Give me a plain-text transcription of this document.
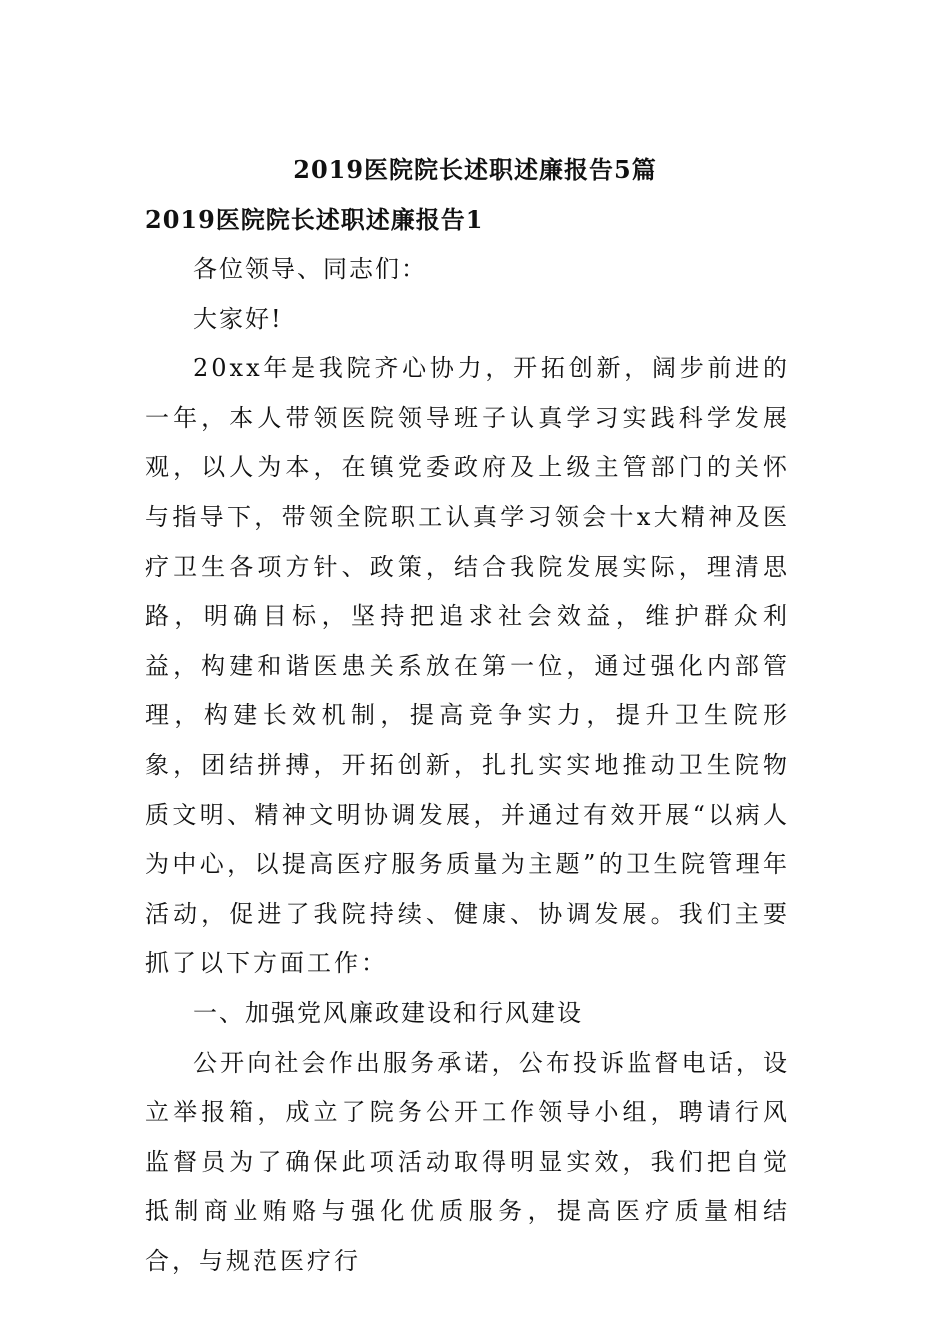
2019医院院长述职述廉报告5篇
2019医院院长述职述廉报告1

各位领导、同志们：

大家好!

20xx年是我院齐心协力，开拓创新，阔步前进的一年，本人带领医院领导班子认真学习实践科学发展观，以人为本，在镇党委政府及上级主管部门的关怀与指导下，带领全院职工认真学习领会十x大精神及医疗卫生各项方针、政策，结合我院发展实际，理清思路，明确目标，坚持把追求社会效益，维护群众利益，构建和谐医患关系放在第一位，通过强化内部管理，构建长效机制，提高竞争实力，提升卫生院形象，团结拼搏，开拓创新，扎扎实实地推动卫生院物质文明、精神文明协调发展，并通过有效开展“以病人为中心，以提高医疗服务质量为主题”的卫生院管理年活动，促进了我院持续、健康、协调发展。我们主要抓了以下方面工作：

一、加强党风廉政建设和行风建设

公开向社会作出服务承诺，公布投诉监督电话，设立举报箱，成立了院务公开工作领导小组，聘请行风监督员为了确保此项活动取得明显实效，我们把自觉抵制商业贿赂与强化优质服务，提高医疗质量相结合，与规范医疗行
